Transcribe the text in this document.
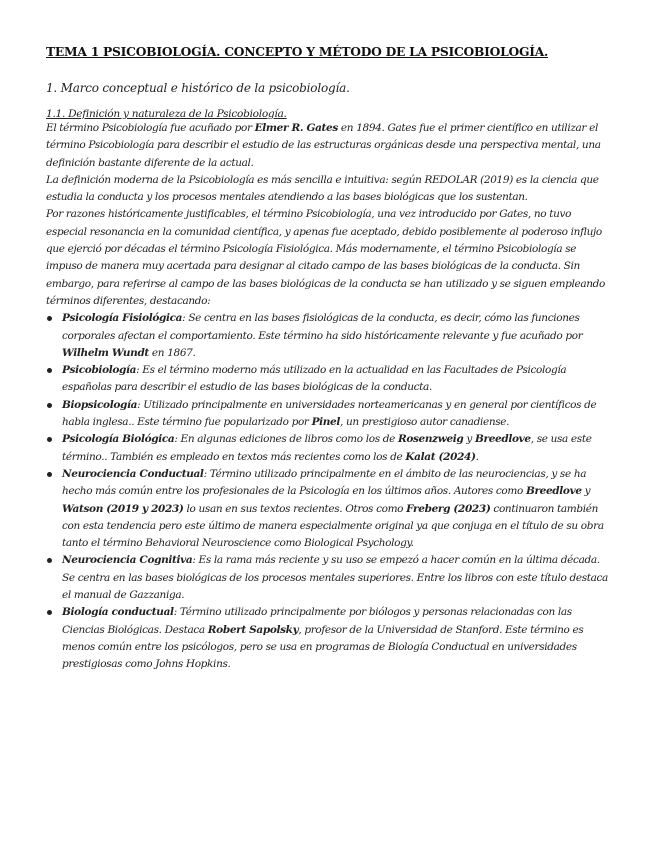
TEMA 1 PSICOBIOLOGÍA. CONCEPTO Y MÉTODO DE LA PSICOBIOLOGÍA.

1. Marco conceptual e histórico de la psicobiología.

1.1. Definición y naturaleza de la Psicobiología.

El término Psicobiología fue acuñado por Elmer R. Gates en 1894. Gates fue el primer científico en utilizar el término Psicobiología para describir el estudio de las estructuras orgánicas desde una perspectiva mental, una definición bastante diferente de la actual.

La definición moderna de la Psicobiología es más sencilla e intuitiva: según REDOLAR (2019) es la ciencia que estudia la conducta y los procesos mentales atendiendo a las bases biológicas que los sustentan.

Por razones históricamente justificables, el término Psicobiología, una vez introducido por Gates, no tuvo especial resonancia en la comunidad científica, y apenas fue aceptado, debido posiblemente al poderoso influjo que ejerció por décadas el término Psicología Fisiológica. Más modernamente, el término Psicobiología se impuso de manera muy acertada para designar al citado campo de las bases biológicas de la conducta. Sin embargo, para referirse al campo de las bases biológicas de la conducta se han utilizado y se siguen empleando términos diferentes, destacando:

Psicología Fisiológica: Se centra en las bases fisiológicas de la conducta, es decir, cómo las funciones corporales afectan el comportamiento. Este término ha sido históricamente relevante y fue acuñado por Wilhelm Wundt en 1867.
Psicobiología: Es el término moderno más utilizado en la actualidad en las Facultades de Psicología españolas para describir el estudio de las bases biológicas de la conducta.
Biopsicología: Utilizado principalmente en universidades norteamericanas y en general por científicos de habla inglesa.. Este término fue popularizado por Pinel, un prestigioso autor canadiense.
Psicología Biológica: En algunas ediciones de libros como los de Rosenzweig y Breedlove, se usa este término.. También es empleado en textos más recientes como los de Kalat (2024).
Neurociencia Conductual: Término utilizado principalmente en el ámbito de las neurociencias, y se ha hecho más común entre los profesionales de la Psicología en los últimos años. Autores como Breedlove y Watson (2019 y 2023) lo usan en sus textos recientes. Otros como Freberg (2023) continuaron también con esta tendencia pero este último de manera especialmente original ya que conjuga en el título de su obra tanto el término Behavioral Neuroscience como Biological Psychology.
Neurociencia Cognitiva: Es la rama más reciente y su uso se empezó a hacer común en la última década. Se centra en las bases biológicas de los procesos mentales superiores. Entre los libros con este título destaca el manual de Gazzaniga.
Biología conductual: Término utilizado principalmente por biólogos y personas relacionadas con las Ciencias Biológicas. Destaca Robert Sapolsky, profesor de la Universidad de Stanford. Este término es menos común entre los psicólogos, pero se usa en programas de Biología Conductual en universidades prestigiosas como Johns Hopkins.
